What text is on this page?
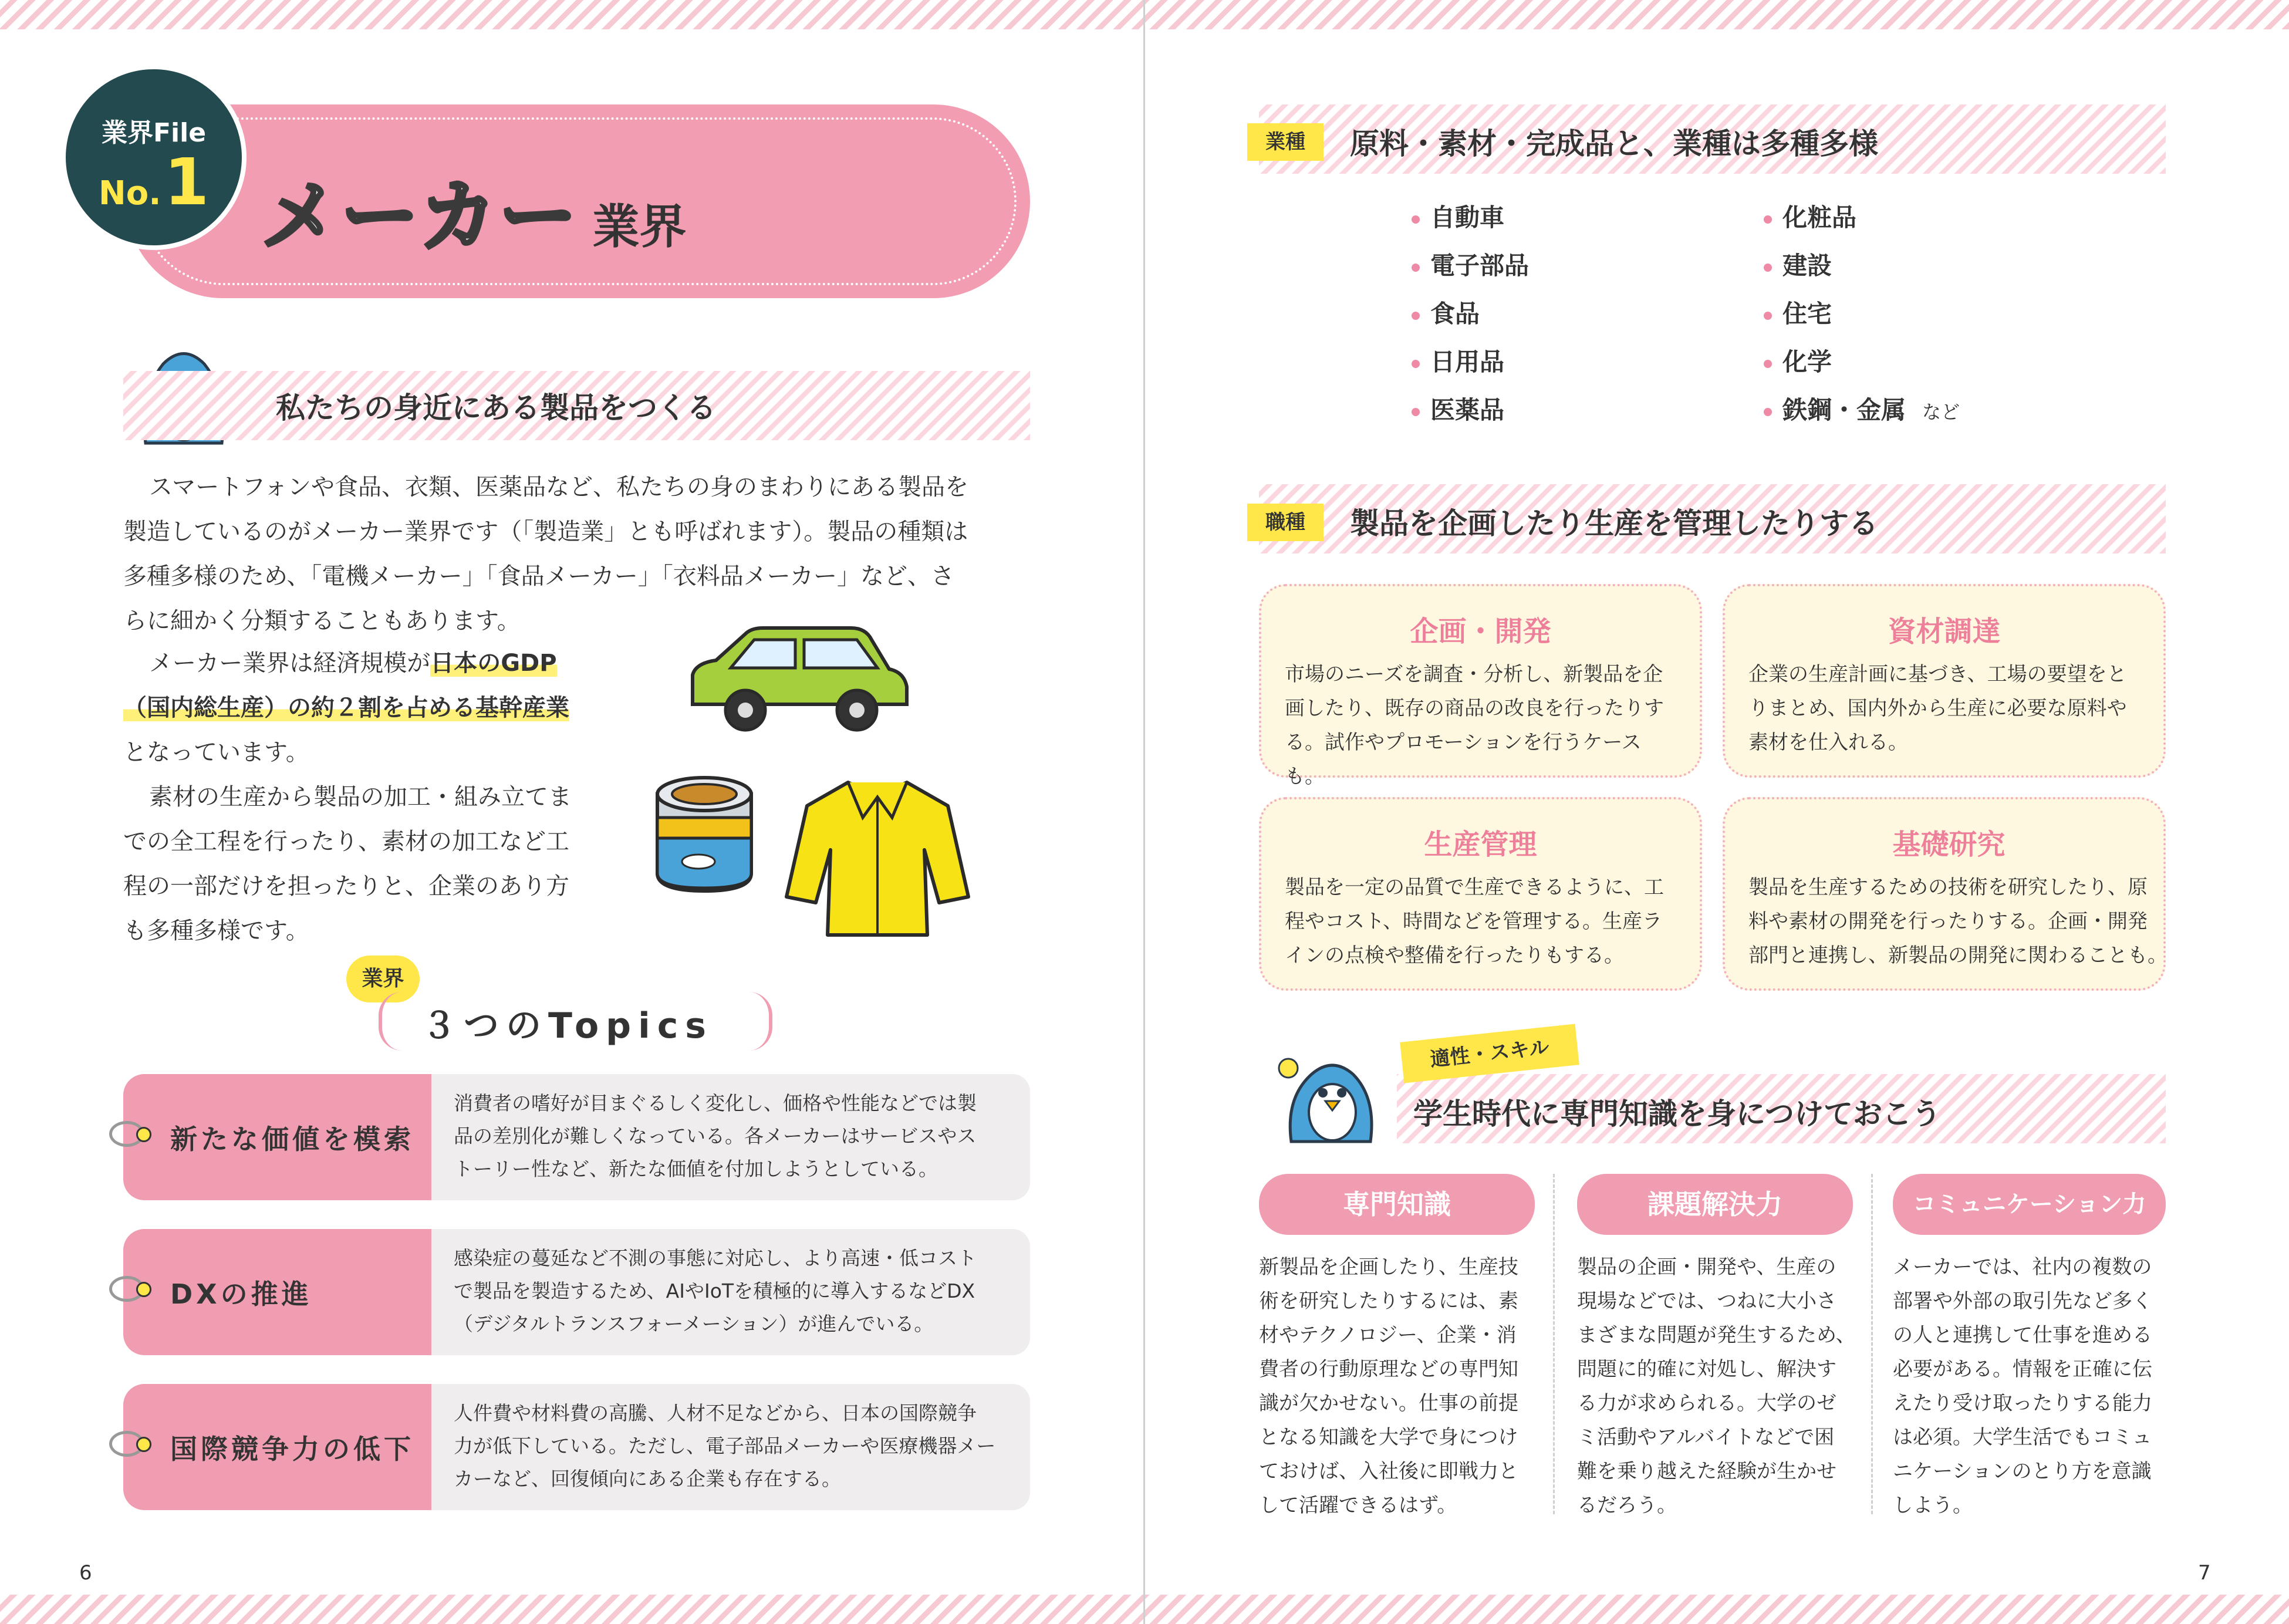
業界File
No. 1 メーカー 業界
私たちの身近にある製品をつくる
スマートフォンや食品、衣類、医薬品など、私たちの身のまわりにある製品を
製造しているのがメーカー業界です（「製造業」とも呼ばれます）。製品の種類は
多種多様のため、「電機メーカー」「食品メーカー」「衣料品メーカー」など、さ
らに細かく分類することもあります。
メーカー業界は経済規模が日本のGDP
（国内総生産）の約２割を占める基幹産業
となっています。
素材の生産から製品の加工・組み立てま
での全工程を行ったり、素材の加工など工
程の一部だけを担ったりと、企業のあり方
も多種多様です。
業界
３つのTopics
新たな価値を模索
消費者の嗜好が目まぐるしく変化し、価格や性能などでは製
品の差別化が難しくなっている。各メーカーはサービスやス
トーリー性など、新たな価値を付加しようとしている。
DXの推進
感染症の蔓延など不測の事態に対応し、より高速・低コスト
で製品を製造するため、AIやIoTを積極的に導入するなどDX
（デジタルトランスフォーメーション）が進んでいる。
国際競争力の低下
人件費や材料費の高騰、人材不足などから、日本の国際競争
力が低下している。ただし、電子部品メーカーや医療機器メー
カーなど、回復傾向にある企業も存在する。
6
業種	原料・素材・完成品と、業種は多種多様
自動車
電子部品
食品
日用品
医薬品
化粧品
建設
住宅
化学
鉄鋼・金属 など
職種	製品を企画したり生産を管理したりする
企画・開発

市場のニーズを調査・分析し、新製品を企
画したり、既存の商品の改良を行ったりす
る。試作やプロモーションを行うケースも。

資材調達

企業の生産計画に基づき、工場の要望をと
りまとめ、国内外から生産に必要な原料や
素材を仕入れる。

生産管理

製品を一定の品質で生産できるように、工
程やコスト、時間などを管理する。生産ラ
インの点検や整備を行ったりもする。

基礎研究

製品を生産するための技術を研究したり、原
料や素材の開発を行ったりする。企画・開発
部門と連携し、新製品の開発に関わることも。

適性・スキル
学生時代に専門知識を身につけておこう
専門知識
新製品を企画したり、生産技
術を研究したりするには、素
材やテクノロジー、企業・消
費者の行動原理などの専門知
識が欠かせない。仕事の前提
となる知識を大学で身につけ
ておけば、入社後に即戦力と
して活躍できるはず。
課題解決力
製品の企画・開発や、生産の
現場などでは、つねに大小さ
まざまな問題が発生するため、
問題に的確に対処し、解決す
る力が求められる。大学のゼ
ミ活動やアルバイトなどで困
難を乗り越えた経験が生かせ
るだろう。
コミュニケーション力
メーカーでは、社内の複数の
部署や外部の取引先など多く
の人と連携して仕事を進める
必要がある。情報を正確に伝
えたり受け取ったりする能力
は必須。大学生活でもコミュ
ニケーションのとり方を意識
しよう。
7
